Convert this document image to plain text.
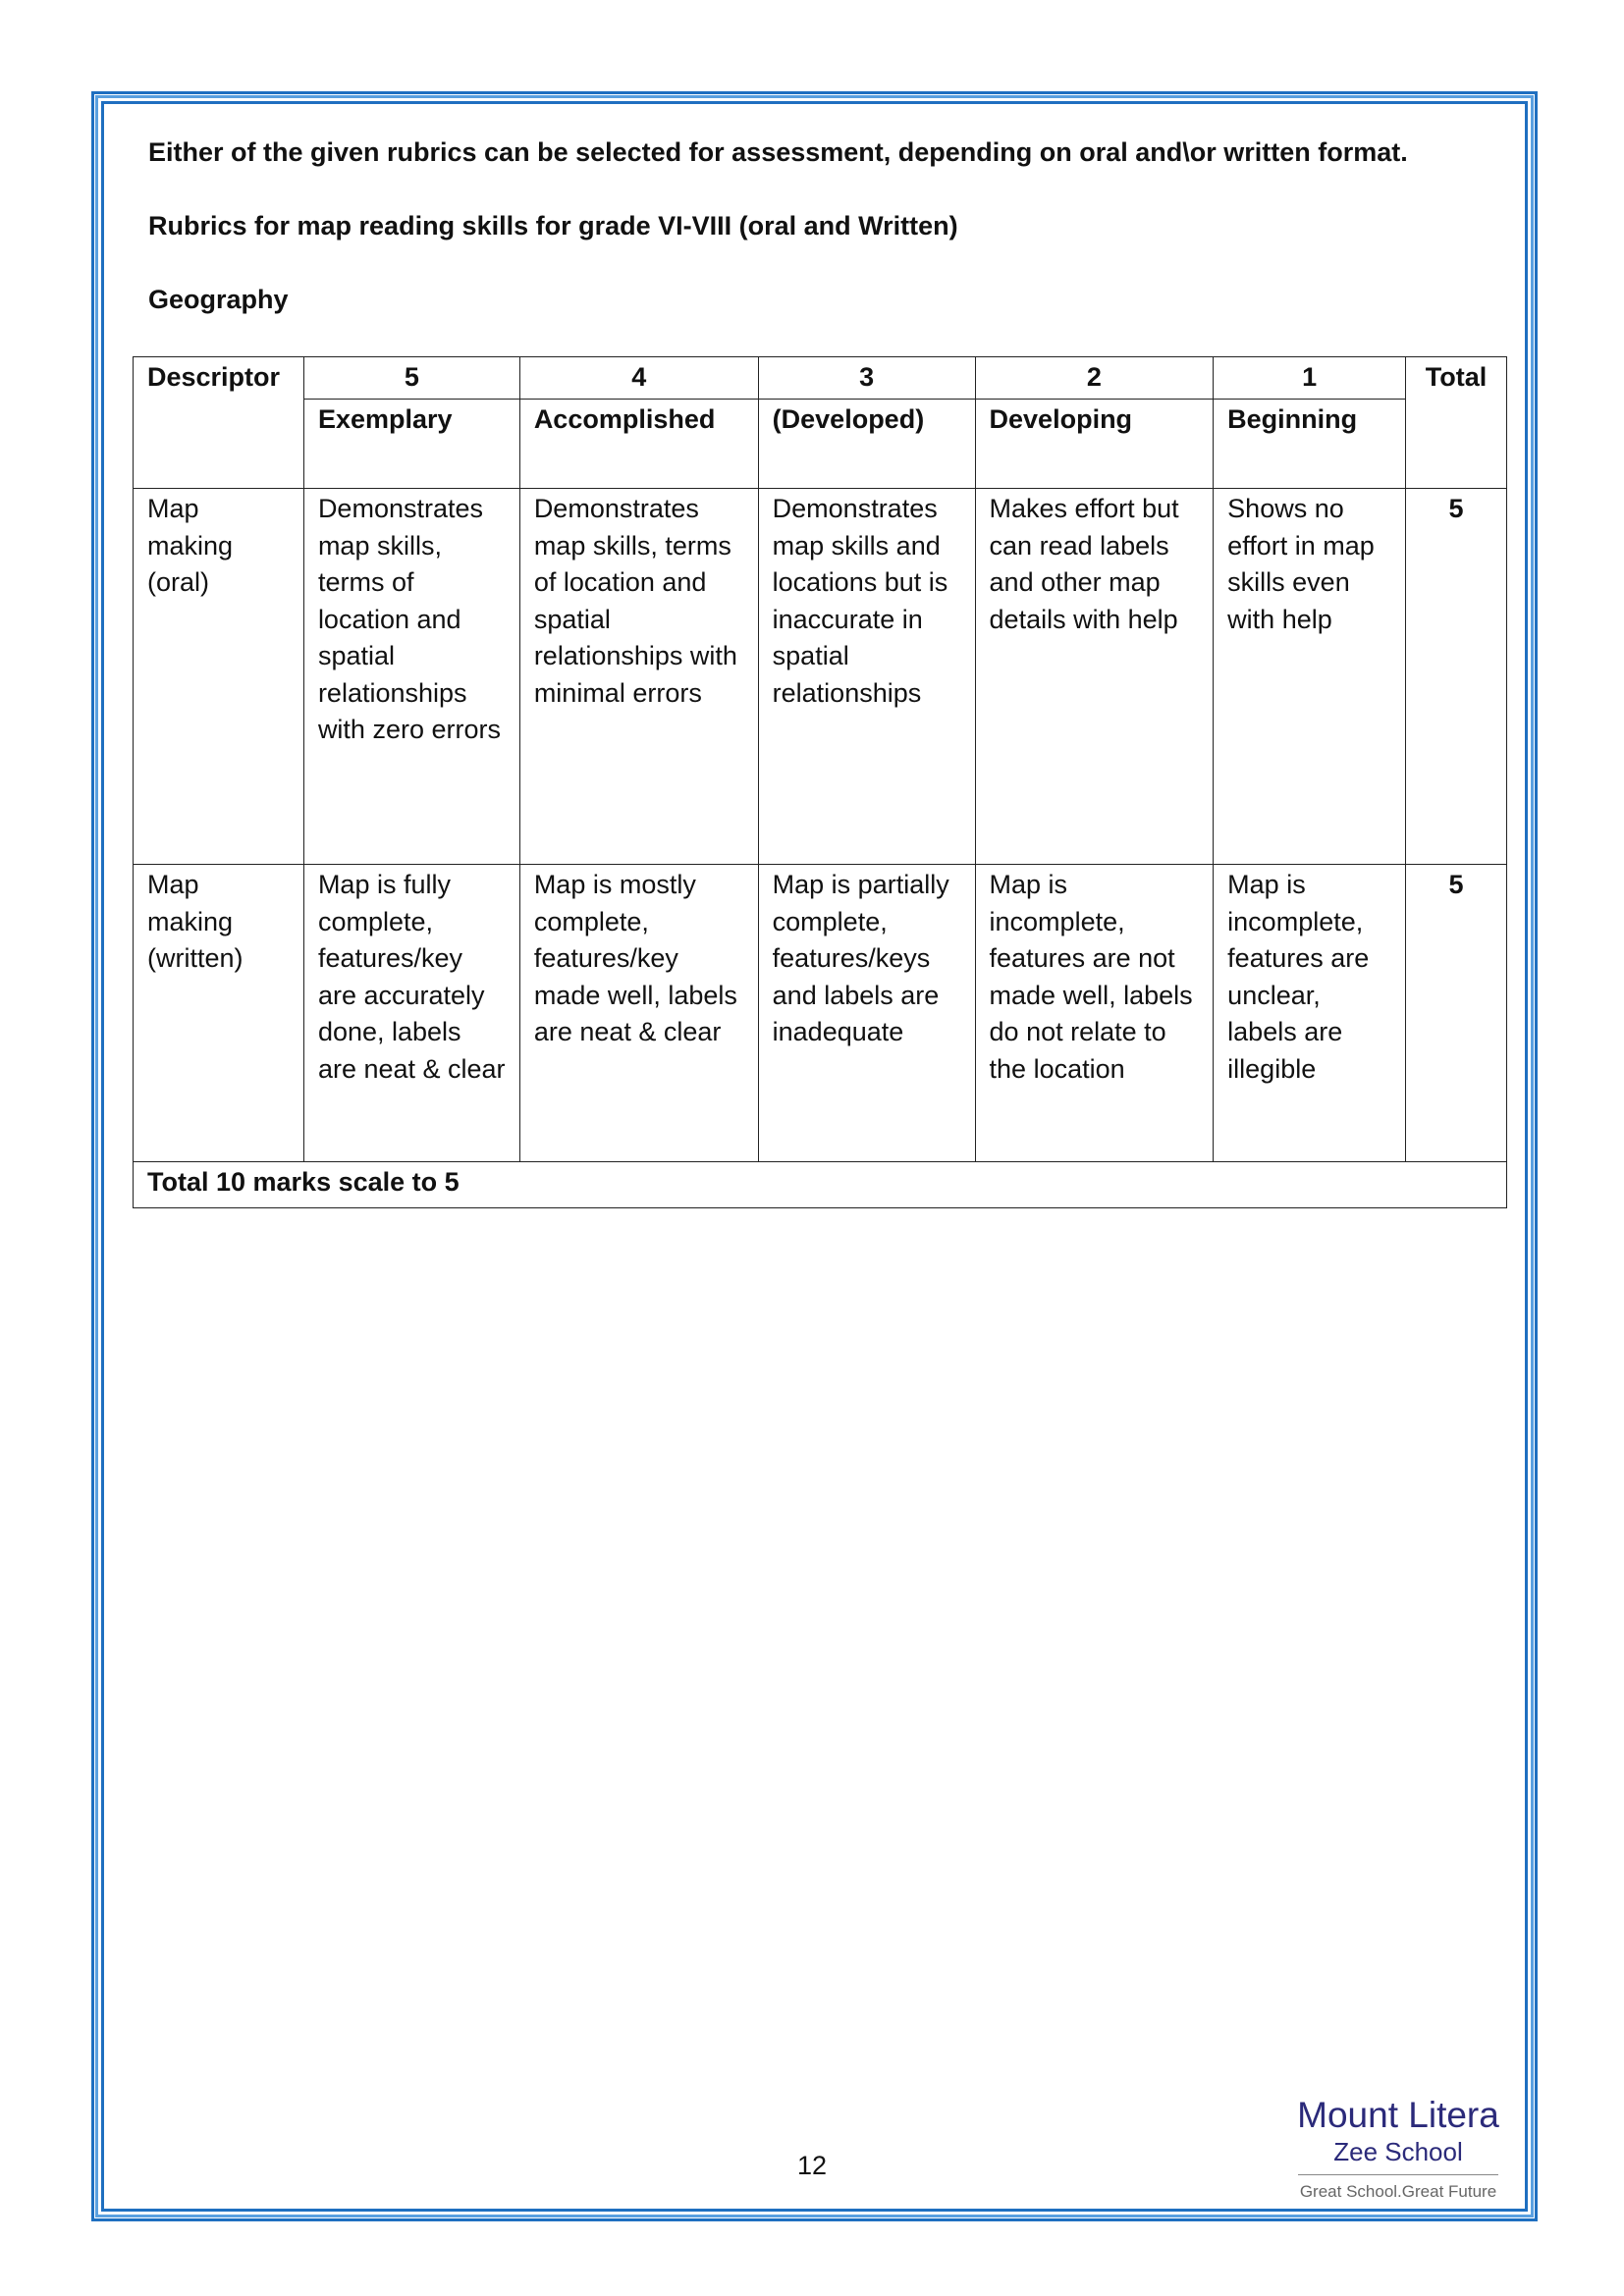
Either of the given rubrics can be selected for assessment, depending on oral and\or written format.
Rubrics for map reading skills for grade VI-VIII (oral and Written)
Geography
Descriptor	5	4	3	2	1	Total
	Exemplary	Accomplished	(Developed)	Developing	Beginning	
Map making (oral)	Demonstrates map skills, terms of location and spatial relationships with zero errors	Demonstrates map skills, terms of location and spatial relationships with minimal errors	Demonstrates map skills and locations but is inaccurate in spatial relationships	Makes effort but can read labels and other map details with help	Shows no effort in map skills even with help	5
Map making (written)	Map is fully complete, features/key are accurately done, labels are neat & clear	Map is mostly complete, features/key made well, labels are neat & clear	Map is partially complete, features/keys and labels are inadequate	Map is incomplete, features are not made well, labels do not relate to the location	Map is incomplete, features are unclear, labels are illegible	5
Total 10 marks scale to 5						
12
Mount Litera
Zee School
Great School.Great Future
